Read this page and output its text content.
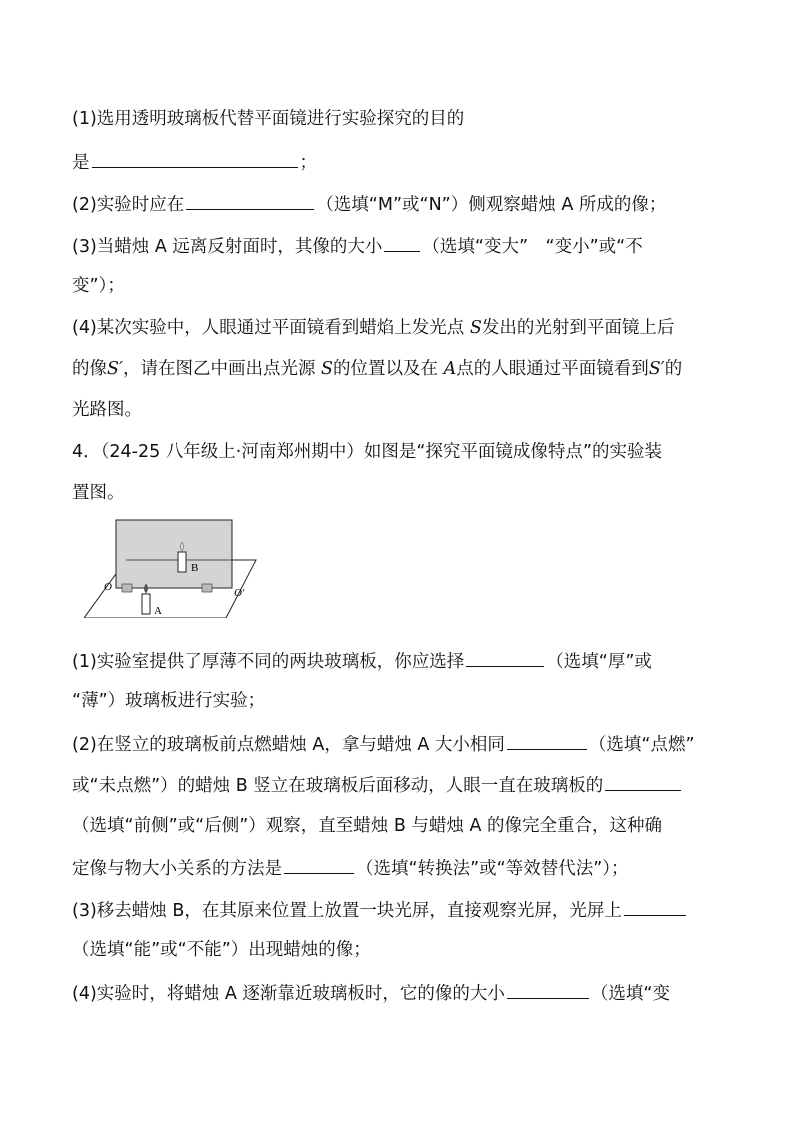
(1)选用透明玻璃板代替平面镜进行实验探究的目的
是	；
(2)实验时应在	（选填“M”或“N”）侧观察蜡烛 A 所成的像；
(3)当蜡烛 A 远离反射面时，其像的大小 （选填“变大”　“变小”或“不
变”）；
(4)某次实验中，人眼通过平面镜看到蜡焰上发光点 S发出的光射到平面镜上后
的像S′，请在图乙中画出点光源 S的位置以及在 A点的人眼通过平面镜看到S′的
光路图。
4．（24-25 八年级上·河南郑州期中）如图是“探究平面镜成像特点”的实验装
置图。
B
A
O	O′
(1)实验室提供了厚薄不同的两块玻璃板，你应选择	（选填“厚”或
“薄”）玻璃板进行实验；
(2)在竖立的玻璃板前点燃蜡烛 A，拿与蜡烛 A 大小相同	（选填“点燃”
或“未点燃”）的蜡烛 B 竖立在玻璃板后面移动，人眼一直在玻璃板的
（选填“前侧”或“后侧”）观察，直至蜡烛 B 与蜡烛 A 的像完全重合，这种确
定像与物大小关系的方法是	（选填“转换法”或“等效替代法”）；
(3)移去蜡烛 B，在其原来位置上放置一块光屏，直接观察光屏，光屏上
（选填“能”或“不能”）出现蜡烛的像；
(4)实验时，将蜡烛 A 逐渐靠近玻璃板时，它的像的大小	（选填“变
